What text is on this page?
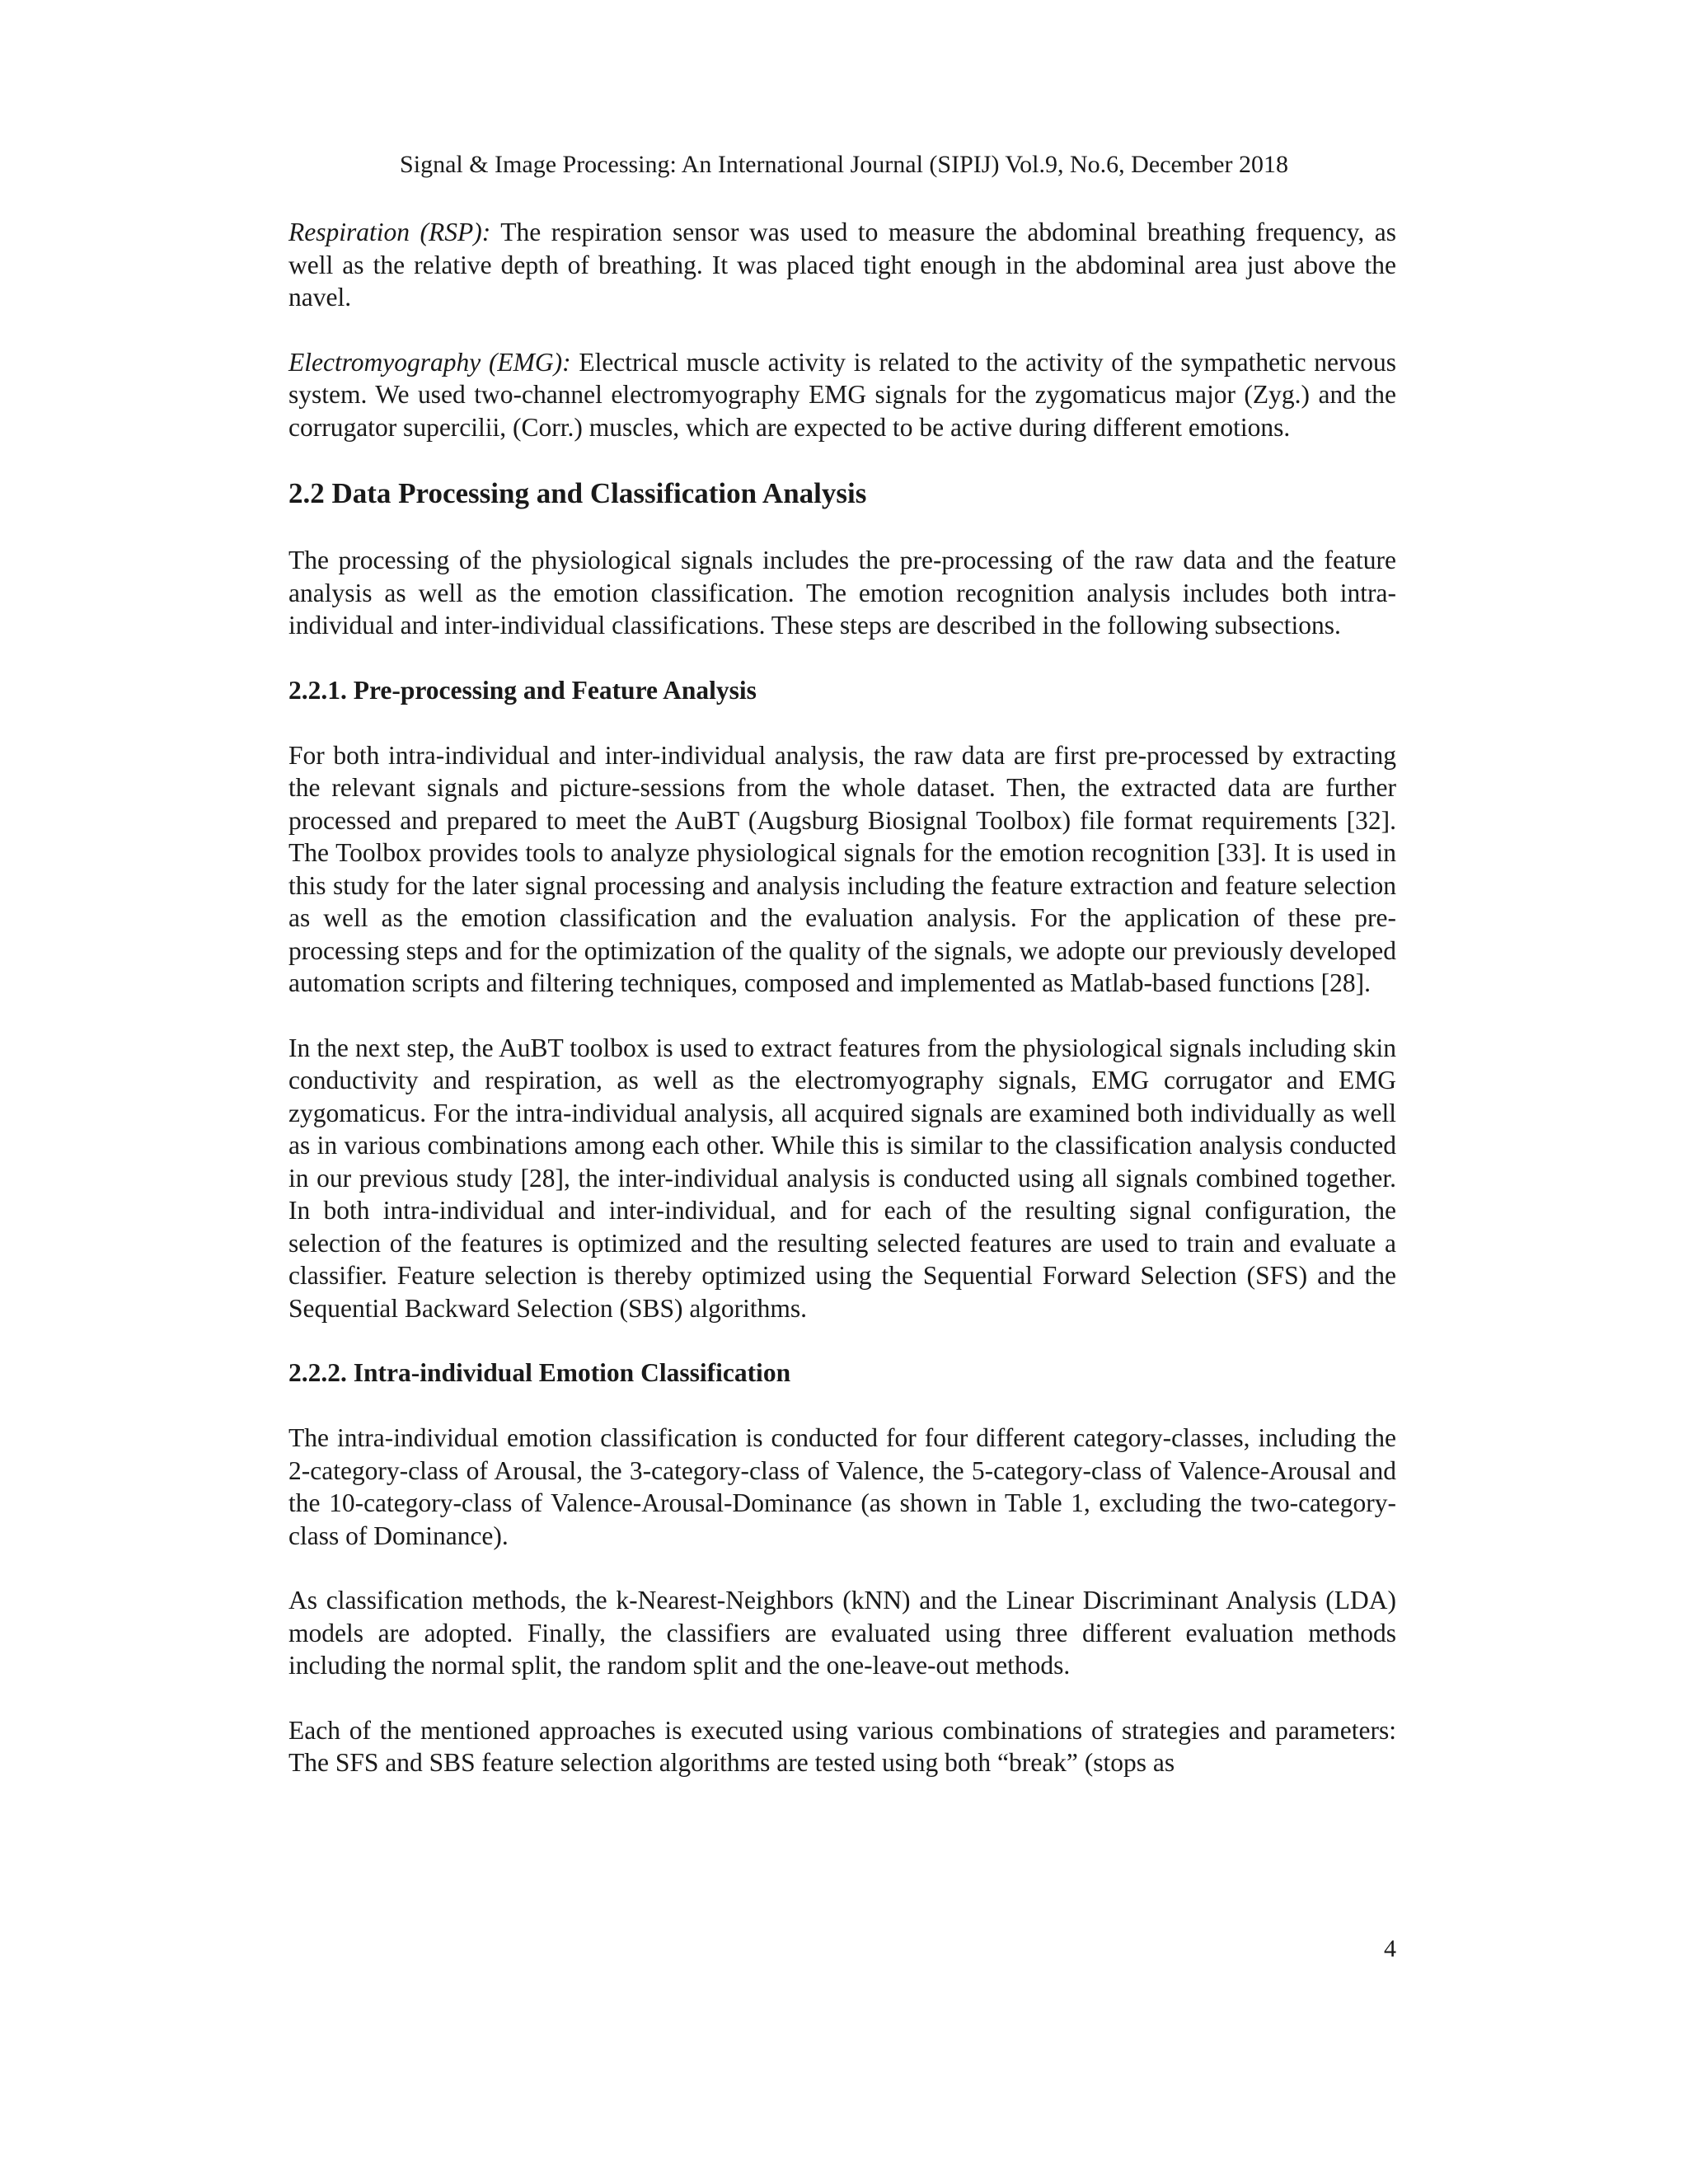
Signal & Image Processing: An International Journal (SIPIJ) Vol.9, No.6, December 2018

Respiration (RSP): The respiration sensor was used to measure the abdominal breathing frequency, as well as the relative depth of breathing. It was placed tight enough in the abdominal area just above the navel.

Electromyography (EMG): Electrical muscle activity is related to the activity of the sympathetic nervous system. We used two-channel electromyography EMG signals for the zygomaticus major (Zyg.) and the corrugator supercilii, (Corr.) muscles, which are expected to be active during different emotions.

2.2 Data Processing and Classification Analysis

The processing of the physiological signals includes the pre-processing of the raw data and the feature analysis as well as the emotion classification. The emotion recognition analysis includes both intra-individual and inter-individual classifications. These steps are described in the following subsections.

2.2.1. Pre-processing and Feature Analysis

For both intra-individual and inter-individual analysis, the raw data are first pre-processed by extracting the relevant signals and picture-sessions from the whole dataset. Then, the extracted data are further processed and prepared to meet the AuBT (Augsburg Biosignal Toolbox) file format requirements [32]. The Toolbox provides tools to analyze physiological signals for the emotion recognition [33]. It is used in this study for the later signal processing and analysis including the feature extraction and feature selection as well as the emotion classification and the evaluation analysis. For the application of these pre-processing steps and for the optimization of the quality of the signals, we adopte our previously developed automation scripts and filtering techniques, composed and implemented as Matlab-based functions [28].

In the next step, the AuBT toolbox is used to extract features from the physiological signals including skin conductivity and respiration, as well as the electromyography signals, EMG corrugator and EMG zygomaticus. For the intra-individual analysis, all acquired signals are examined both individually as well as in various combinations among each other. While this is similar to the classification analysis conducted in our previous study [28], the inter-individual analysis is conducted using all signals combined together. In both intra-individual and inter-individual, and for each of the resulting signal configuration, the selection of the features is optimized and the resulting selected features are used to train and evaluate a classifier. Feature selection is thereby optimized using the Sequential Forward Selection (SFS) and the Sequential Backward Selection (SBS) algorithms.

2.2.2. Intra-individual Emotion Classification

The intra-individual emotion classification is conducted for four different category-classes, including the 2-category-class of Arousal, the 3-category-class of Valence, the 5-category-class of Valence-Arousal and the 10-category-class of Valence-Arousal-Dominance (as shown in Table 1, excluding the two-category-class of Dominance).

As classification methods, the k-Nearest-Neighbors (kNN) and the Linear Discriminant Analysis (LDA) models are adopted. Finally, the classifiers are evaluated using three different evaluation methods including the normal split, the random split and the one-leave-out methods.

Each of the mentioned approaches is executed using various combinations of strategies and parameters: The SFS and SBS feature selection algorithms are tested using both “break” (stops as

4
